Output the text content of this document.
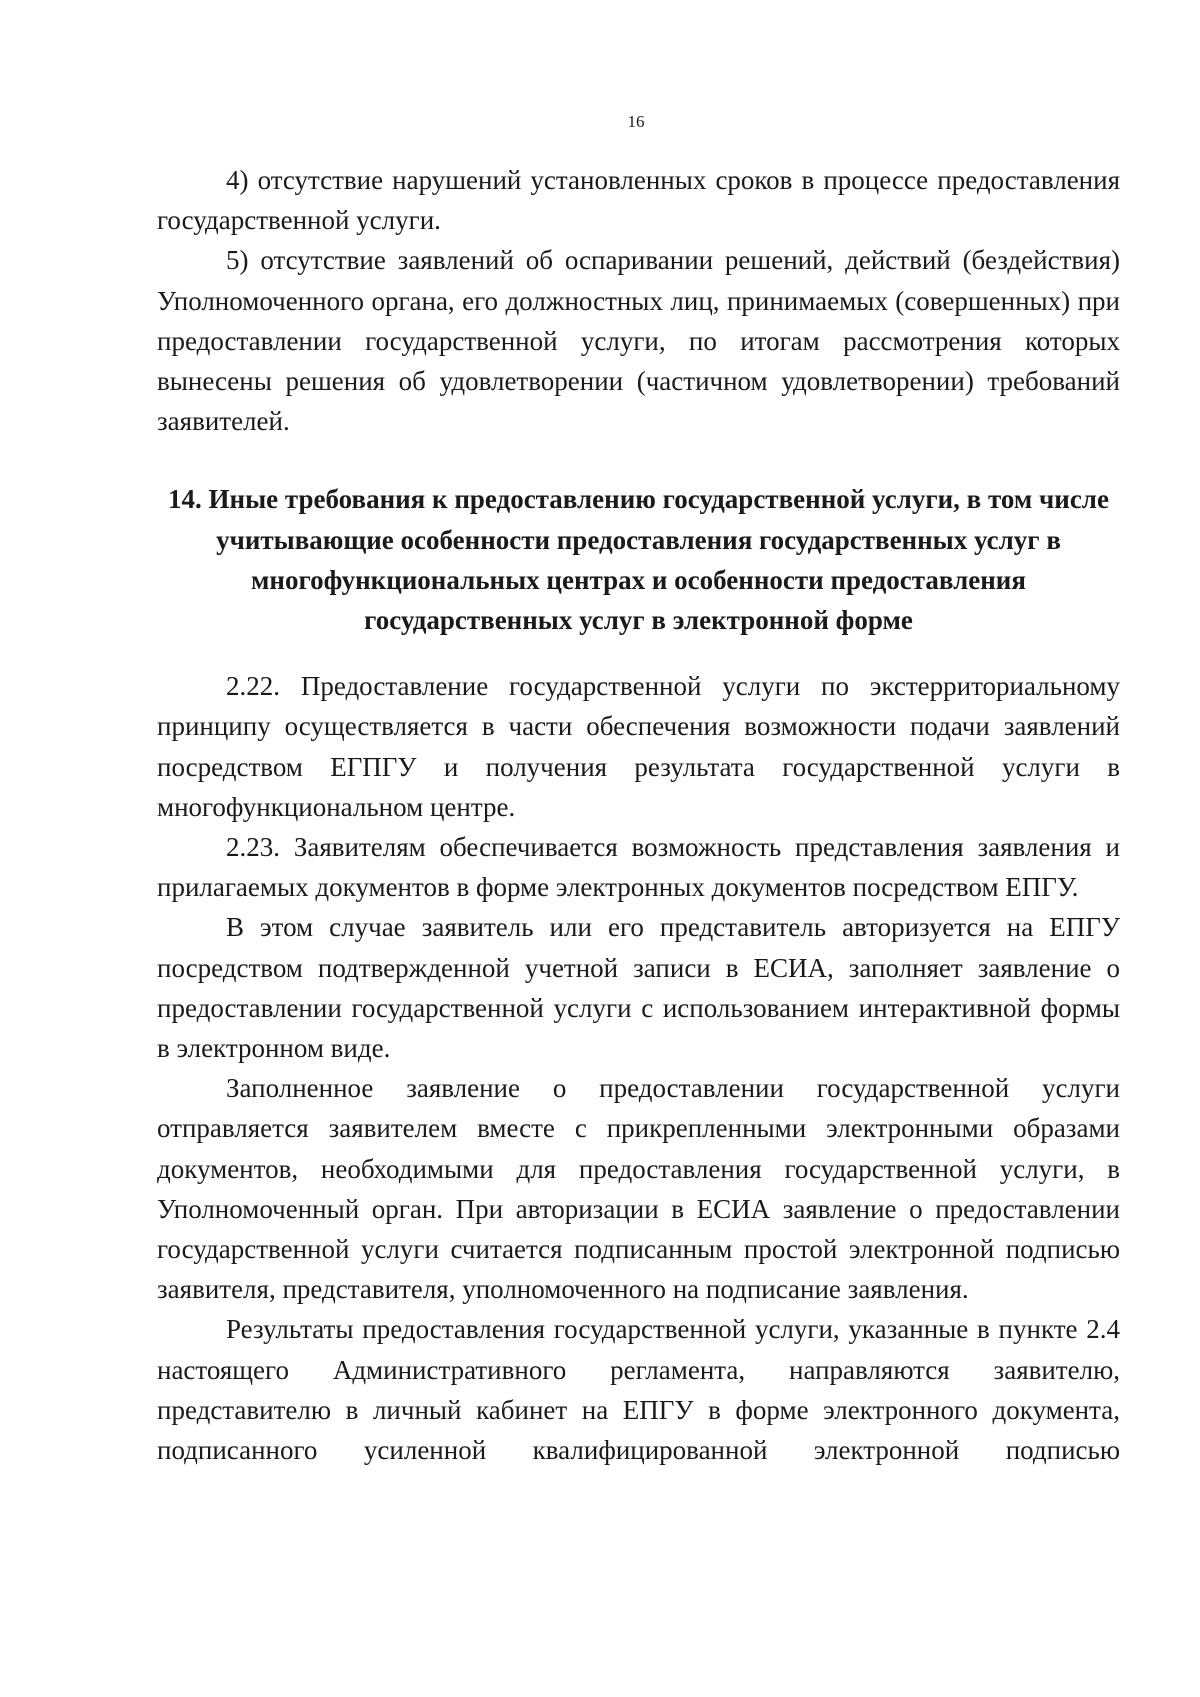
16

4) отсутствие нарушений установленных сроков в процессе предоставления государственной услуги.

5) отсутствие заявлений об оспаривании решений, действий (бездействия) Уполномоченного органа, его должностных лиц, принимаемых (совершенных) при предоставлении государственной услуги, по итогам рассмотрения которых вынесены решения об удовлетворении (частичном удовлетворении) требований заявителей.

14. Иные требования к предоставлению государственной услуги, в том числе учитывающие особенности предоставления государственных услуг в многофункциональных центрах и особенности предоставления государственных услуг в электронной форме

2.22. Предоставление государственной услуги по экстерриториальному принципу осуществляется в части обеспечения возможности подачи заявлений посредством ЕГПГУ и получения результата государственной услуги в многофункциональном центре.

2.23. Заявителям обеспечивается возможность представления заявления и прилагаемых документов в форме электронных документов посредством ЕПГУ.

В этом случае заявитель или его представитель авторизуется на ЕПГУ посредством подтвержденной учетной записи в ЕСИА, заполняет заявление о предоставлении государственной услуги с использованием интерактивной формы в электронном виде.

Заполненное заявление о предоставлении государственной услуги отправляется заявителем вместе с прикрепленными электронными образами документов, необходимыми для предоставления государственной услуги, в Уполномоченный орган. При авторизации в ЕСИА заявление о предоставлении государственной услуги считается подписанным простой электронной подписью заявителя, представителя, уполномоченного на подписание заявления.

Результаты предоставления государственной услуги, указанные в пункте 2.4 настоящего Административного регламента, направляются заявителю, представителю в личный кабинет на ЕПГУ в форме электронного документа, подписанного усиленной квалифицированной электронной подписью
